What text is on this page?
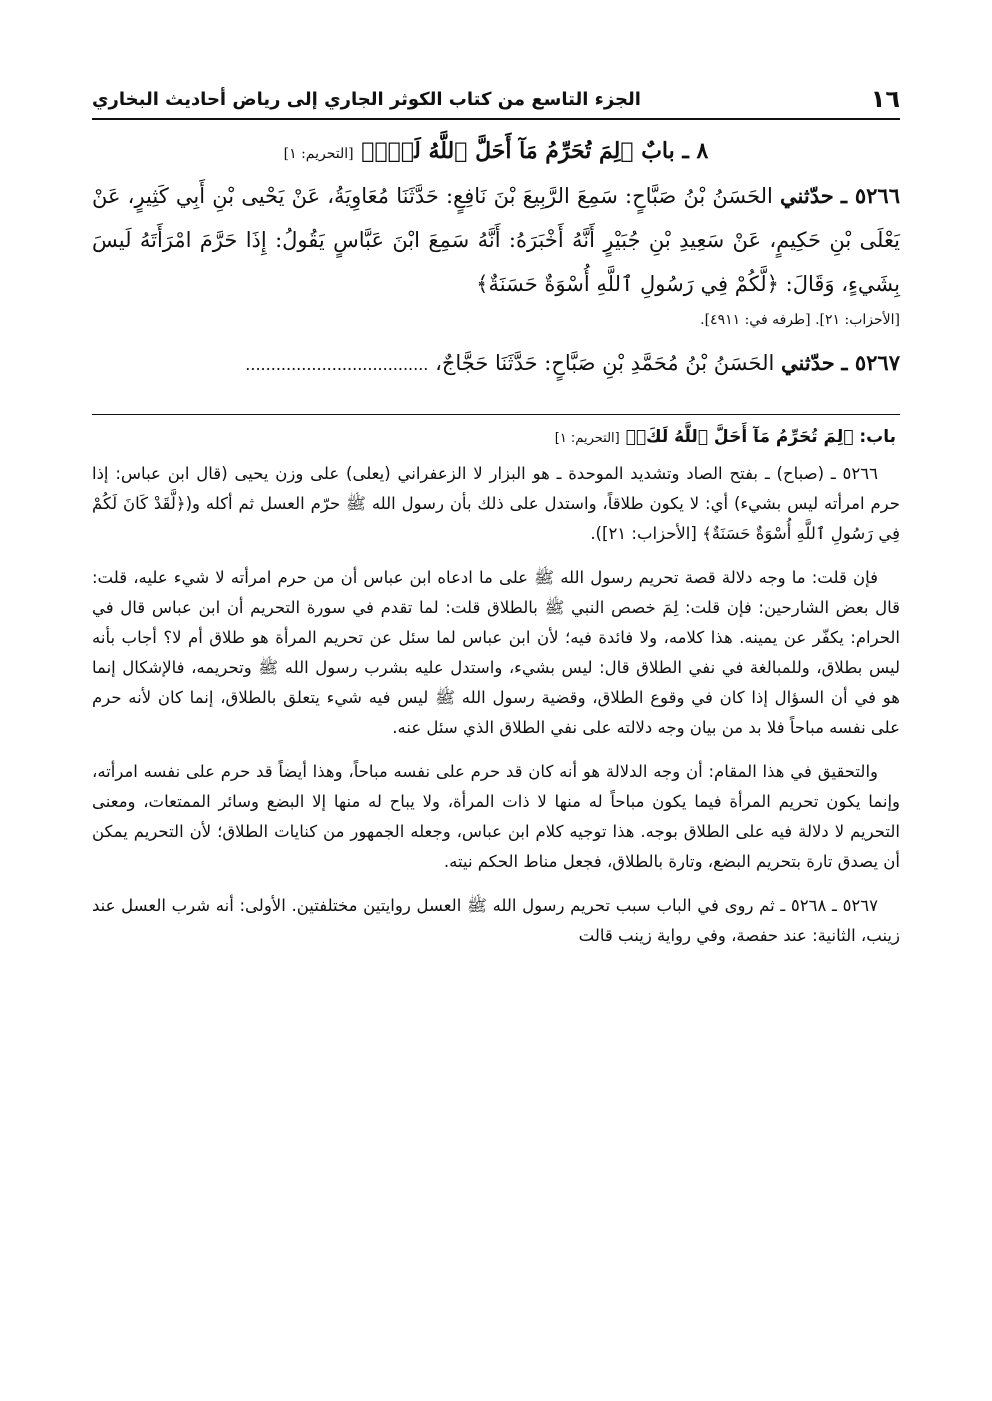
١٦
الجزء التاسع من كتاب الكوثر الجاري إلى رياض أحاديث البخاري
٨ ـ بابٌ ﴿لِمَ تُحَرِّمُ مَآ أَحَلَّ ٱللَّهُ لَكَۖ﴾ [التحريم: ١]

٥٢٦٦ ـ حدّثني الحَسَنُ بْنُ صَبَّاحٍ: سَمِعَ الرَّبِيعَ بْنَ نَافِعٍ: حَدَّثَنَا مُعَاوِيَةُ، عَنْ يَحْيى بْنِ أَبِي كَثِيرٍ، عَنْ يَعْلَى بْنِ حَكِيمٍ، عَنْ سَعِيدِ بْنِ جُبَيْرٍ أَنَّهُ أَخْبَرَهُ: أَنَّهُ سَمِعَ ابْنَ عَبَّاسٍ يَقُولُ: إِذَا حَرَّمَ امْرَأَتَهُ لَيسَ بِشَيءٍ، وَقَالَ: ﴿لَّكُمْ فِي رَسُولِ ٱللَّهِ أُسْوَةٌ حَسَنَةٌ﴾

[الأحزاب: ٢١]. [طرفه في: ٤٩١١].

٥٢٦٧ ـ حدّثني الحَسَنُ بْنُ مُحَمَّدِ بْنِ صَبَّاحٍ: حَدَّثَنَا حَجَّاجٌ، ....................................

باب: ﴿لِمَ تُحَرِّمُ مَآ أَحَلَّ ٱللَّهُ لَكَۖ﴾ [التحريم: ١]

٥٢٦٦ ـ (صباح) ـ بفتح الصاد وتشديد الموحدة ـ هو البزار لا الزعفراني (يعلى) على وزن يحيى (قال ابن عباس: إذا حرم امرأته ليس بشيء) أي: لا يكون طلاقاً، واستدل على ذلك بأن رسول الله ﷺ حرّم العسل ثم أكله و(﴿لَّقَدْ كَانَ لَكُمْ فِي رَسُولِ ٱللَّهِ أُسْوَةٌ حَسَنَةٌ﴾ [الأحزاب: ٢١]).

فإن قلت: ما وجه دلالة قصة تحريم رسول الله ﷺ على ما ادعاه ابن عباس أن من حرم امرأته لا شيء عليه، قلت: قال بعض الشارحين: فإن قلت: لِمَ خصص النبي ﷺ بالطلاق قلت: لما تقدم في سورة التحريم أن ابن عباس قال في الحرام: يكفّر عن يمينه. هذا كلامه، ولا فائدة فيه؛ لأن ابن عباس لما سئل عن تحريم المرأة هو طلاق أم لا؟ أجاب بأنه ليس بطلاق، وللمبالغة في نفي الطلاق قال: ليس بشيء، واستدل عليه بشرب رسول الله ﷺ وتحريمه، فالإشكال إنما هو في أن السؤال إذا كان في وقوع الطلاق، وقضية رسول الله ﷺ ليس فيه شيء يتعلق بالطلاق، إنما كان لأنه حرم على نفسه مباحاً فلا بد من بيان وجه دلالته على نفي الطلاق الذي سئل عنه.

والتحقيق في هذا المقام: أن وجه الدلالة هو أنه كان قد حرم على نفسه مباحاً، وهذا أيضاً قد حرم على نفسه امرأته، وإنما يكون تحريم المرأة فيما يكون مباحاً له منها لا ذات المرأة، ولا يباح له منها إلا البضع وسائر الممتعات، ومعنى التحريم لا دلالة فيه على الطلاق بوجه. هذا توجيه كلام ابن عباس، وجعله الجمهور من كنايات الطلاق؛ لأن التحريم يمكن أن يصدق تارة بتحريم البضع، وتارة بالطلاق، فجعل مناط الحكم نيته.

٥٢٦٧ ـ ٥٢٦٨ ـ ثم روى في الباب سبب تحريم رسول الله ﷺ العسل روايتين مختلفتين. الأولى: أنه شرب العسل عند زينب، الثانية: عند حفصة، وفي رواية زينب قالت
